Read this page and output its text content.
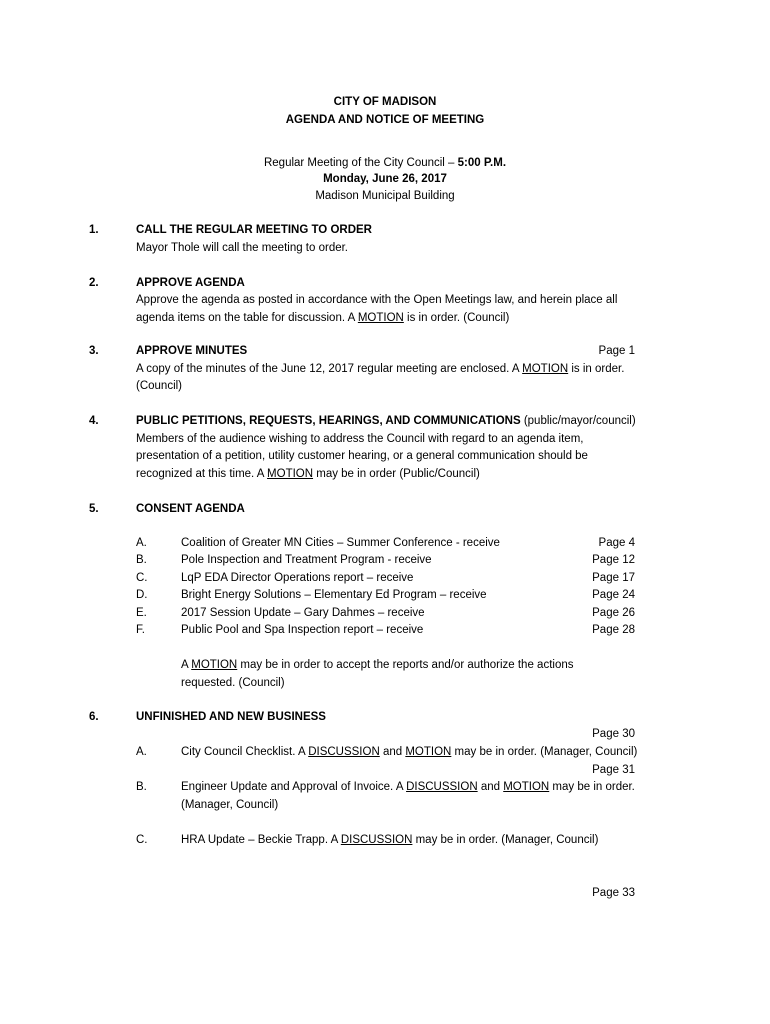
CITY OF MADISON
AGENDA AND NOTICE OF MEETING
Regular Meeting of the City Council – 5:00 P.M.
Monday, June 26, 2017
Madison Municipal Building
1.	CALL THE REGULAR MEETING TO ORDER
Mayor Thole will call the meeting to order.
2.	APPROVE AGENDA
Approve the agenda as posted in accordance with the Open Meetings law, and herein place all
agenda items on the table for discussion. A MOTION is in order. (Council)
3.	APPROVE MINUTES	Page 1
A copy of the minutes of the June 12, 2017 regular meeting are enclosed. A MOTION is in order.
(Council)
4.	PUBLIC PETITIONS, REQUESTS, HEARINGS, AND COMMUNICATIONS (public/mayor/council)
Members of the audience wishing to address the Council with regard to an agenda item,
presentation of a petition, utility customer hearing, or a general communication should be
recognized at this time. A MOTION may be in order (Public/Council)
5.	CONSENT AGENDA
A.	Coalition of Greater MN Cities – Summer Conference - receive	Page 4
B.	Pole Inspection and Treatment Program - receive	Page 12
C.	LqP EDA Director Operations report – receive	Page 17
D.	Bright Energy Solutions – Elementary Ed Program – receive	Page 24
E.	2017 Session Update – Gary Dahmes – receive	Page 26
F.	Public Pool and Spa Inspection report – receive	Page 28
A MOTION may be in order to accept the reports and/or authorize the actions
requested. (Council)
6.	UNFINISHED AND NEW BUSINESS
Page 30
A.	City Council Checklist. A DISCUSSION and MOTION may be in order. (Manager, Council)
Page 31
B.	Engineer Update and Approval of Invoice. A DISCUSSION and MOTION may be in order.
(Manager, Council)
C.	HRA Update – Beckie Trapp. A DISCUSSION may be in order. (Manager, Council)
Page 33
